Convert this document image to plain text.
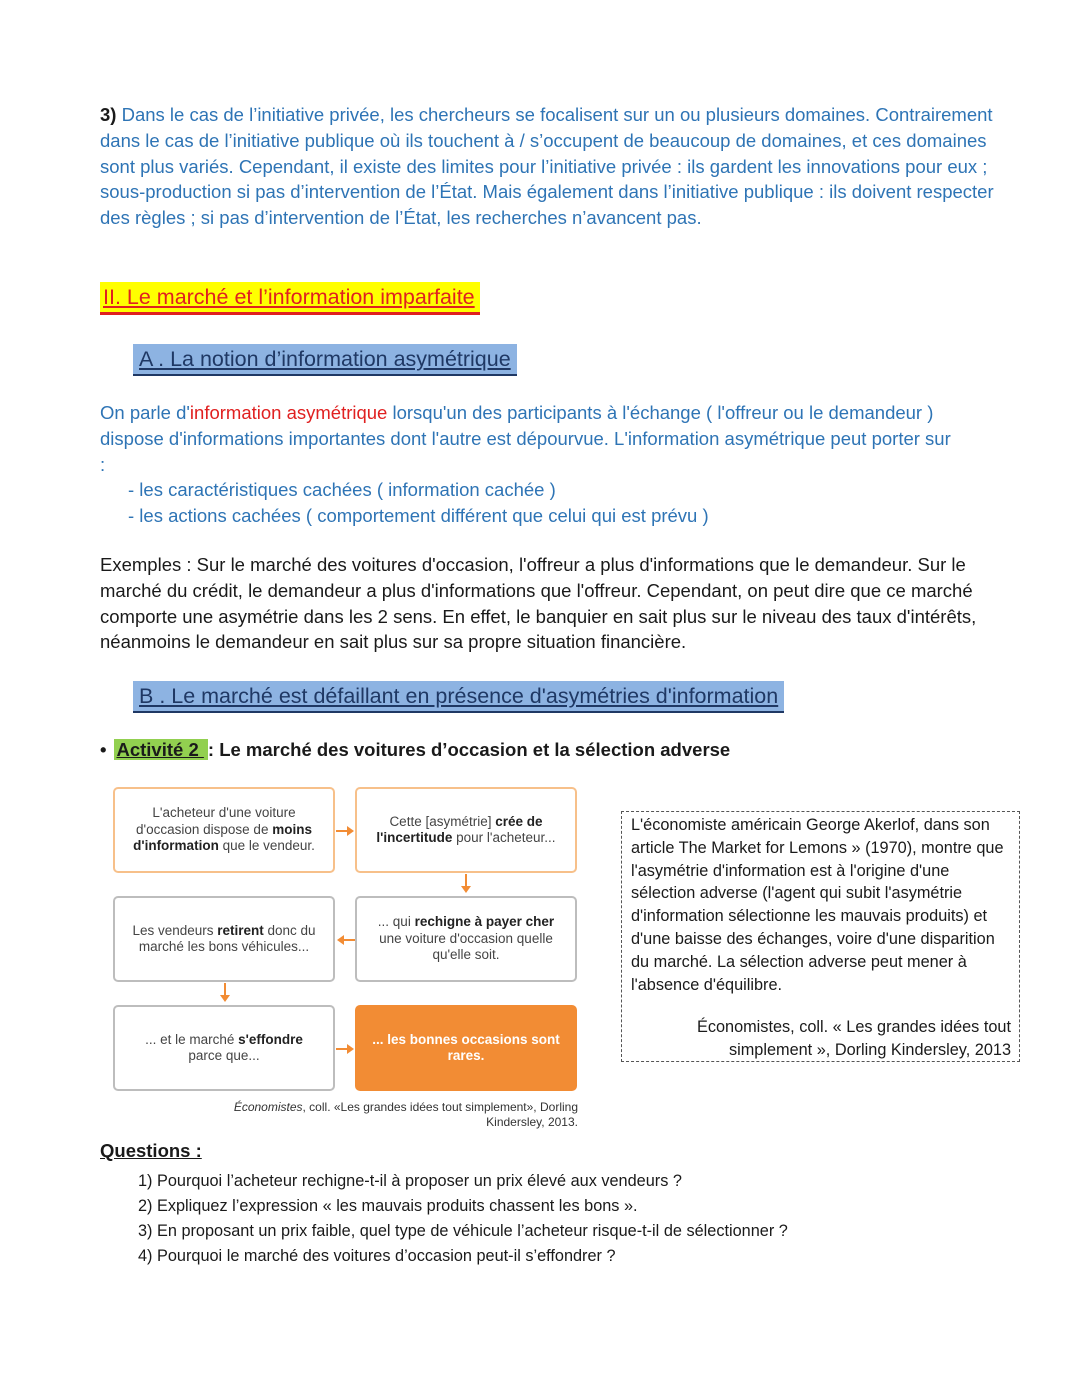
3) Dans le cas de l’initiative privée, les chercheurs se focalisent sur un ou plusieurs domaines. Contrairement dans le cas de l’initiative publique où ils touchent à / s’occupent de beaucoup de domaines, et ces domaines sont plus variés. Cependant, il existe des limites pour l’initiative privée : ils gardent les innovations pour eux ; sous-production si pas d’intervention de l’État. Mais également dans l’initiative publique : ils doivent respecter des règles ; si pas d’intervention de l’État, les recherches n’avancent pas.

II. Le marché et l’information imparfaite
A . La notion d’information asymétrique

On parle d'information asymétrique lorsqu'un des participants à l'échange ( l'offreur ou le demandeur ) dispose d'informations importantes dont l'autre est dépourvue. L'information asymétrique peut porter sur :

- les caractéristiques cachées ( information cachée )
- les actions cachées ( comportement différent que celui qui est prévu )

Exemples : Sur le marché des voitures d'occasion, l'offreur a plus d'informations que le demandeur. Sur le marché du crédit, le demandeur a plus d'informations que l'offreur. Cependant, on peut dire que ce marché comporte une asymétrie dans les 2 sens. En effet, le banquier en sait plus sur le niveau des taux d'intérêts, néanmoins le demandeur en sait plus sur sa propre situation financière.

B . Le marché est défaillant en présence d'asymétries d'information
• Activité 2 : Le marché des voitures d’occasion et la sélection adverse
L'acheteur d'une voiture d'occasion dispose de moins d'information que le vendeur.
Cette [asymétrie] crée de l'incertitude pour l'acheteur...
... qui rechigne à payer cher une voiture d'occasion quelle qu'elle soit.
Les vendeurs retirent donc du marché les bons véhicules...
... et le marché s'effondre parce que...
... les bonnes occasions sont rares.
Économistes, coll. «Les grandes idées tout simplement», Dorling Kindersley, 2013.
L'économiste américain George Akerlof, dans son article The Market for Lemons » (1970), montre que l'asymétrie d'information est à l'origine d'une sélection adverse (l'agent qui subit l'asymétrie d'information sélectionne les mauvais produits) et d'une baisse des échanges, voire d'une disparition du marché. La sélection adverse peut mener à l'absence d'équilibre.
Économistes, coll. « Les grandes idées tout simplement », Dorling Kindersley, 2013
Questions :
1) Pourquoi l’acheteur rechigne-t-il à proposer un prix élevé aux vendeurs ?
2) Expliquez l’expression « les mauvais produits chassent les bons ».
3) En proposant un prix faible, quel type de véhicule l’acheteur risque-t-il de sélectionner ?
4) Pourquoi le marché des voitures d’occasion peut-il s’effondrer ?
